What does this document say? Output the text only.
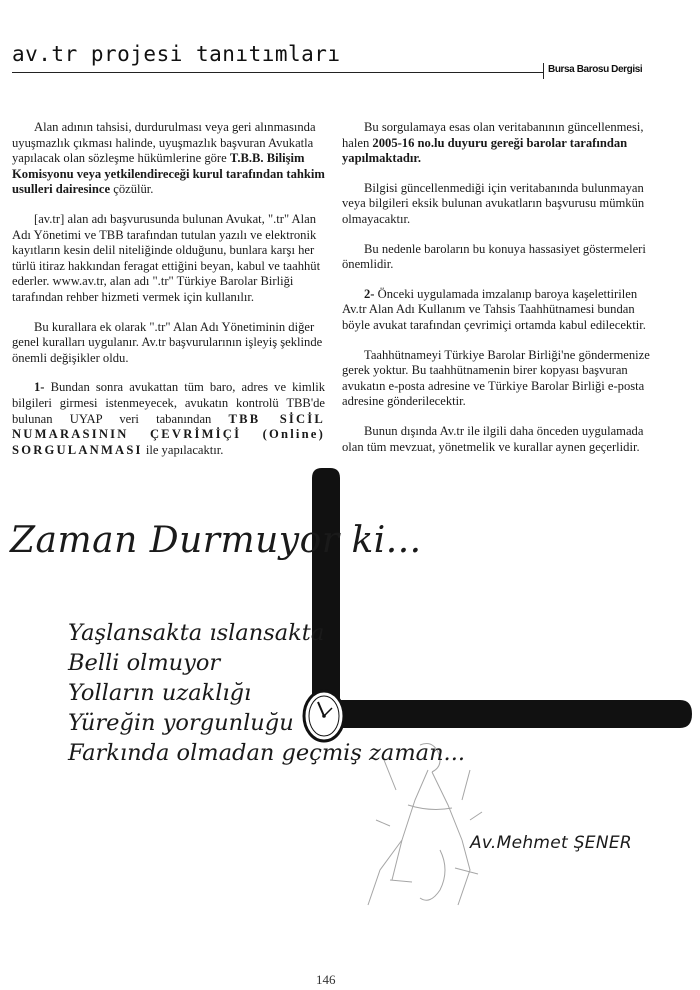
av.tr projesi tanıtımları
Bursa Barosu Dergisi

Alan adının tahsisi, durdurulması veya geri alınmasında uyuşmazlık çıkması halinde, uyuşmazlık başvuran Avukatla yapılacak olan sözleşme hükümlerine göre T.B.B. Bilişim Komisyonu veya yetkilendireceği kurul tarafından tahkim usulleri dairesince çözülür.

[av.tr] alan adı başvurusunda bulunan Avukat, ".tr" Alan Adı Yönetimi ve TBB tarafından tutulan yazılı ve elektronik kayıtların kesin delil niteliğinde olduğunu, bunlara karşı her türlü itiraz hakkından feragat ettiğini beyan, kabul ve taahhüt ederler. www.av.tr, alan adı ".tr" Türkiye Barolar Birliği tarafından rehber hizmeti vermek için kullanılır.

Bu kurallara ek olarak ".tr" Alan Adı Yönetiminin diğer genel kuralları uygulanır. Av.tr başvurularının işleyiş şeklinde önemli değişikler oldu.

1- Bundan sonra avukattan tüm baro, adres ve kimlik bilgileri girmesi istenmeyecek, avukatın kontrolü TBB'de bulunan UYAP veri tabanından TBB SİCİL NUMARASININ ÇEVRİMİÇİ (Online) SORGULANMASI ile yapılacaktır.

Bu sorgulamaya esas olan veritabanının güncellenmesi, halen 2005-16 no.lu duyuru gereği barolar tarafından yapılmaktadır.

Bilgisi güncellenmediği için veritabanında bulunmayan veya bilgileri eksik bulunan avukatların başvurusu mümkün olmayacaktır.

Bu nedenle baroların bu konuya hassasiyet göstermeleri önemlidir.

2- Önceki uygulamada imzalanıp baroya kaşelettirilen Av.tr Alan Adı Kullanım ve Tahsis Taahhütnamesi bundan böyle avukat tarafından çevrimiçi ortamda kabul edilecektir.

Taahhütnameyi Türkiye Barolar Birliği'ne göndermenize gerek yoktur. Bu taahhütnamenin birer kopyası başvuran avukatın e-posta adresine ve Türkiye Barolar Birliği e-posta adresine gönderilecektir.

Bunun dışında Av.tr ile ilgili daha önceden uygulamada olan tüm mevzuat, yönetmelik ve kurallar aynen geçerlidir.

Zaman Durmuyor ki...
Yaşlansakta ıslansakta
Belli olmuyor
Yolların uzaklığı
Yüreğin yorgunluğu
Farkında olmadan geçmiş zaman...
Av.Mehmet ŞENER
146
